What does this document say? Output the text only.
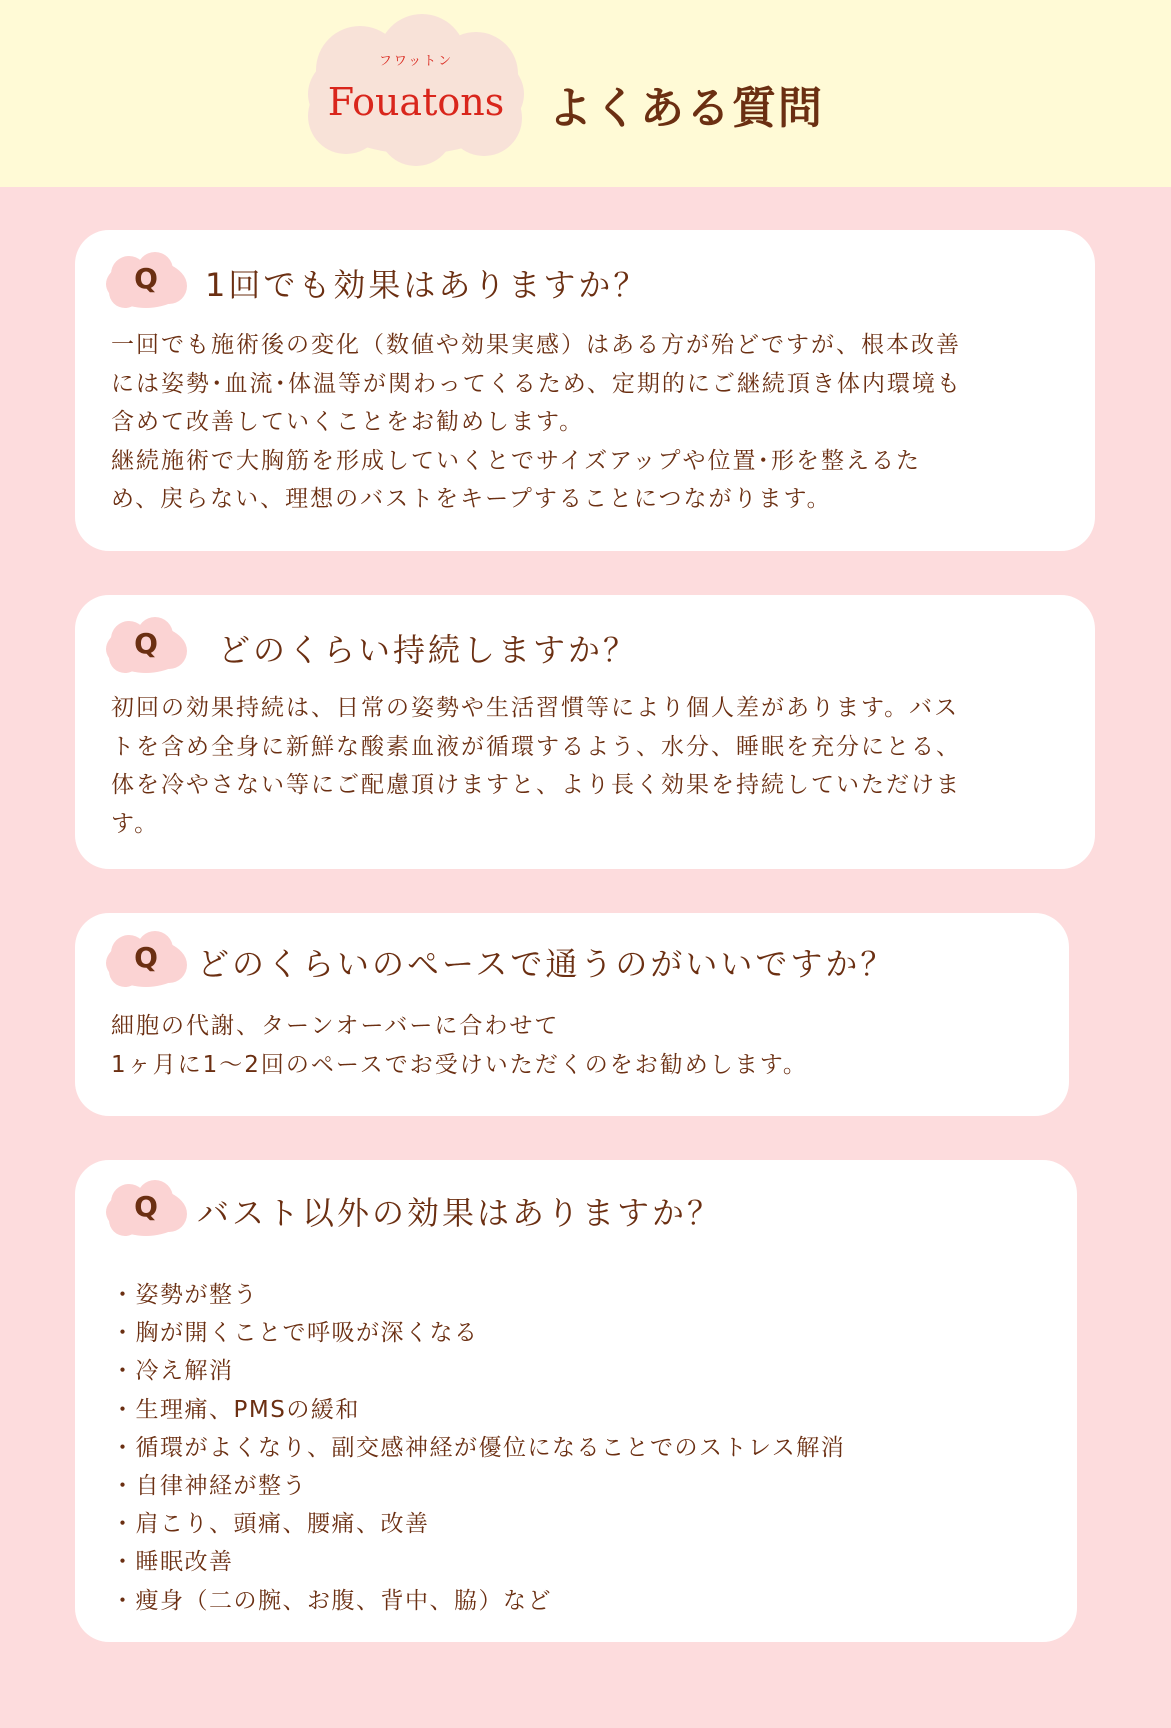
フワットン
Fouatons よくある質問
Q	1回でも効果はありますか？
一回でも施術後の変化（数値や効果実感）はある方が殆どですが、根本改善
には姿勢･血流･体温等が関わってくるため、定期的にご継続頂き体内環境も
含めて改善していくことをお勧めします。
継続施術で大胸筋を形成していくとでサイズアップや位置･形を整えるた
め、戻らない、理想のバストをキープすることにつながります。
Q	どのくらい持続しますか？
初回の効果持続は、日常の姿勢や生活習慣等により個人差があります。バス
トを含め全身に新鮮な酸素血液が循環するよう、水分、睡眠を充分にとる、
体を冷やさない等にご配慮頂けますと、より長く効果を持続していただけま
す。
Q	どのくらいのペースで通うのがいいですか？
細胞の代謝、ターンオーバーに合わせて
1ヶ月に1～2回のペースでお受けいただくのをお勧めします。
Q	バスト以外の効果はありますか？
・姿勢が整う
・胸が開くことで呼吸が深くなる
・冷え解消
・生理痛、PMSの緩和
・循環がよくなり、副交感神経が優位になることでのストレス解消
・自律神経が整う
・肩こり、頭痛、腰痛、改善
・睡眠改善
・痩身（二の腕、お腹、背中、脇）など
